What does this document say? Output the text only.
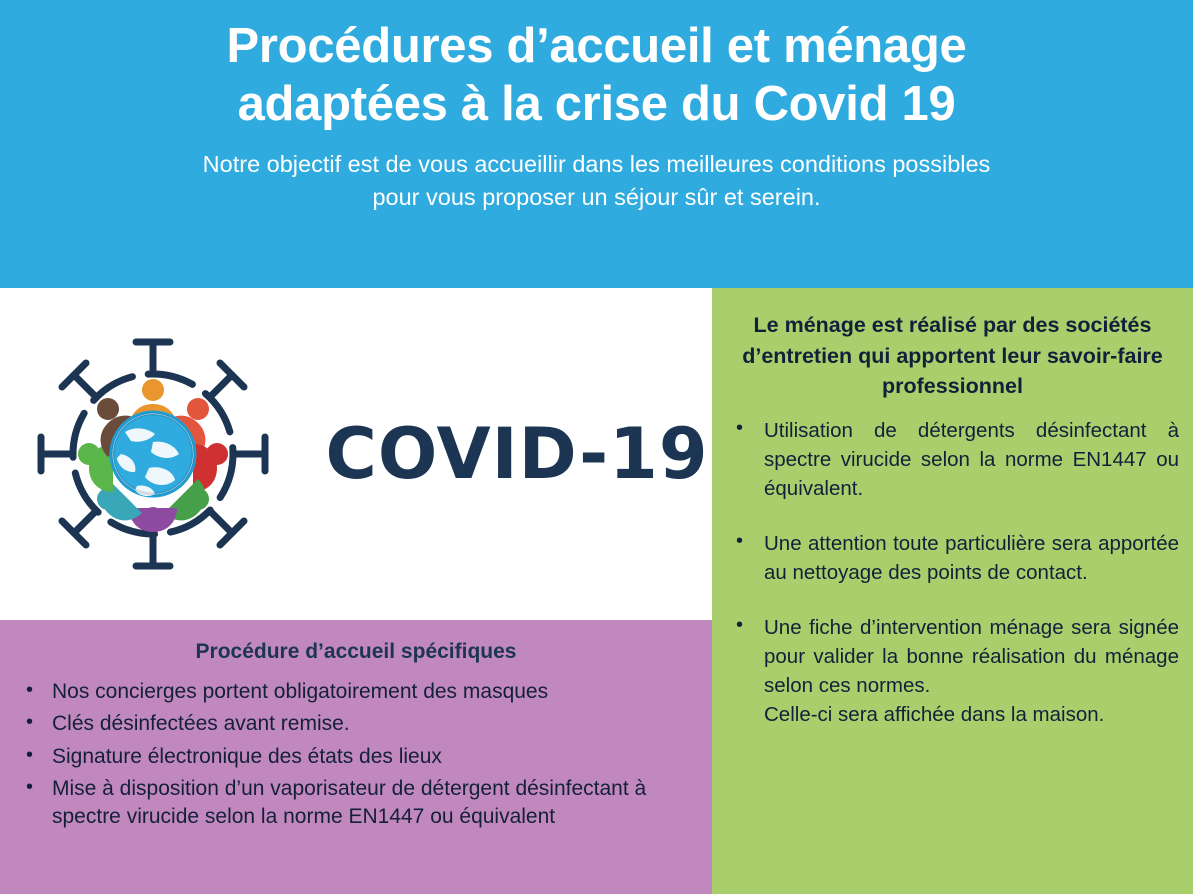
Procédures d’accueil et ménage
adaptées à la crise du Covid 19
Notre objectif est de vous accueillir dans les meilleures conditions possibles
pour vous proposer un séjour sûr et serein.
COVID-19
Procédure d’accueil spécifiques
• Nos concierges portent obligatoirement des masques
• Clés désinfectées avant remise.
• Signature électronique des états des lieux
• Mise à disposition d’un vaporisateur de détergent désinfectant à spectre virucide selon la norme EN1447 ou équivalent
Le ménage est réalisé par des sociétés d’entretien qui apportent leur savoir-faire professionnel
• Utilisation de détergents désinfectant à spectre virucide selon la norme EN1447 ou équivalent.
• Une attention toute particulière sera apportée au nettoyage des points de contact.
• Une fiche d’intervention ménage sera signée pour valider la bonne réalisation du ménage selon ces normes.
Celle-ci sera affichée dans la maison.
